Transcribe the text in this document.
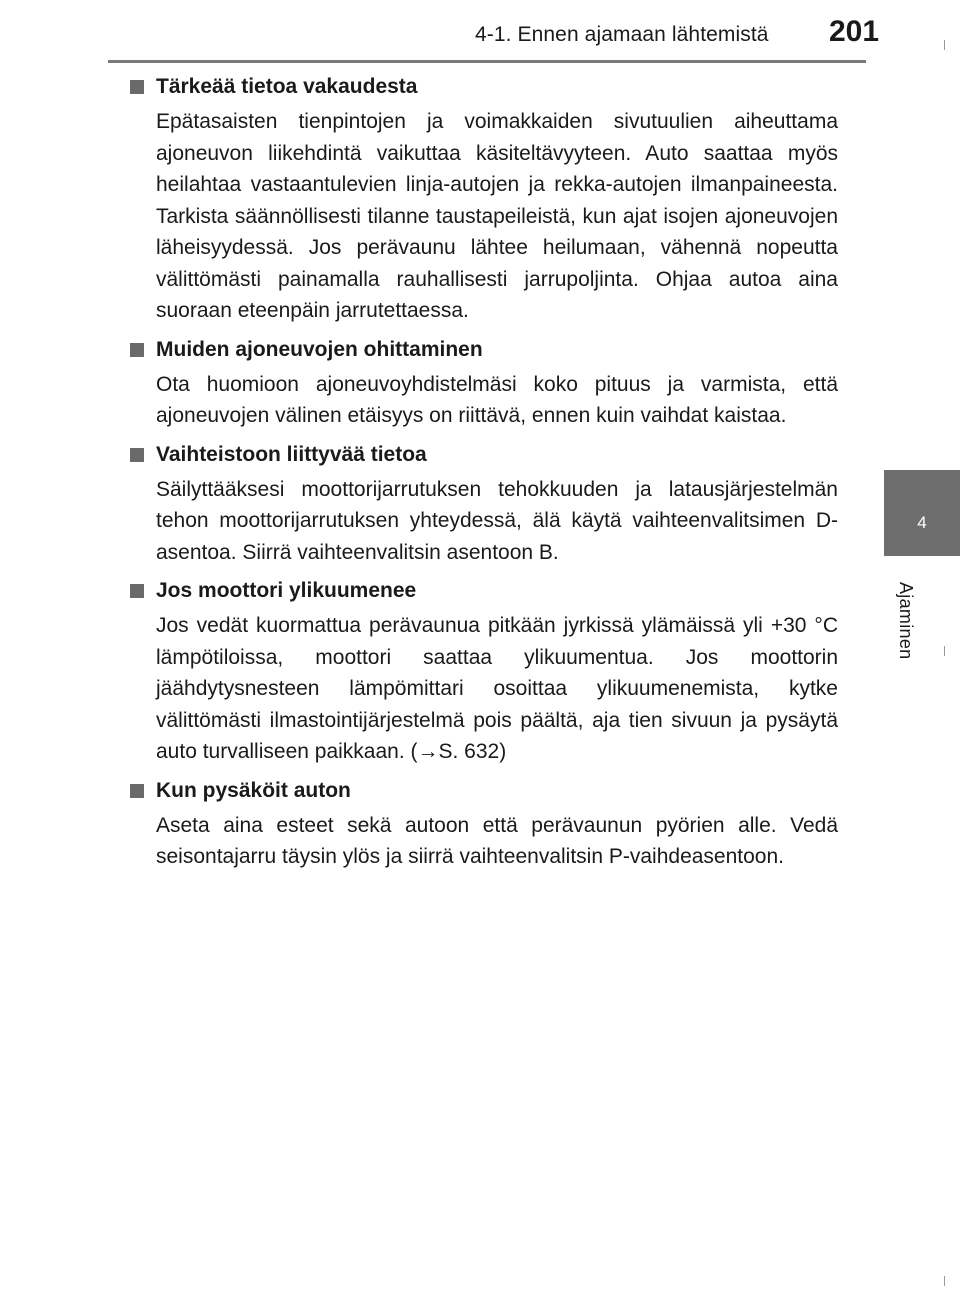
4-1. Ennen ajamaan lähtemistä 201
4
Ajaminen
Tärkeää tietoa vakaudesta

Epätasaisten tienpintojen ja voimakkaiden sivutuulien aiheuttama ajoneuvon liikehdintä vaikuttaa käsiteltävyyteen. Auto saattaa myös heilahtaa vastaantulevien linja-autojen ja rekka-autojen ilmanpaineesta. Tarkista säännöllisesti tilanne taustapeileistä, kun ajat isojen ajoneuvojen läheisyydessä. Jos perävaunu lähtee heilumaan, vähennä nopeutta välittömästi painamalla rauhallisesti jarrupoljinta. Ohjaa autoa aina suoraan eteenpäin jarrutettaessa.

Muiden ajoneuvojen ohittaminen

Ota huomioon ajoneuvoyhdistelmäsi koko pituus ja varmista, että ajoneuvojen välinen etäisyys on riittävä, ennen kuin vaihdat kaistaa.

Vaihteistoon liittyvää tietoa

Säilyttääksesi moottorijarrutuksen tehokkuuden ja latausjärjestelmän tehon moottorijarrutuksen yhteydessä, älä käytä vaihteenvalitsimen D-asentoa. Siirrä vaihteenvalitsin asentoon B.

Jos moottori ylikuumenee

Jos vedät kuormattua perävaunua pitkään jyrkissä ylämäissä yli +30 °C lämpötiloissa, moottori saattaa ylikuumentua. Jos moottorin jäähdytysnesteen lämpömittari osoittaa ylikuumenemista, kytke välittömästi ilmastointijärjestelmä pois päältä, aja tien sivuun ja pysäytä auto turvalliseen paikkaan. (→S. 632)

Kun pysäköit auton

Aseta aina esteet sekä autoon että perävaunun pyörien alle. Vedä seisontajarru täysin ylös ja siirrä vaihteenvalitsin P-vaihdeasentoon.
